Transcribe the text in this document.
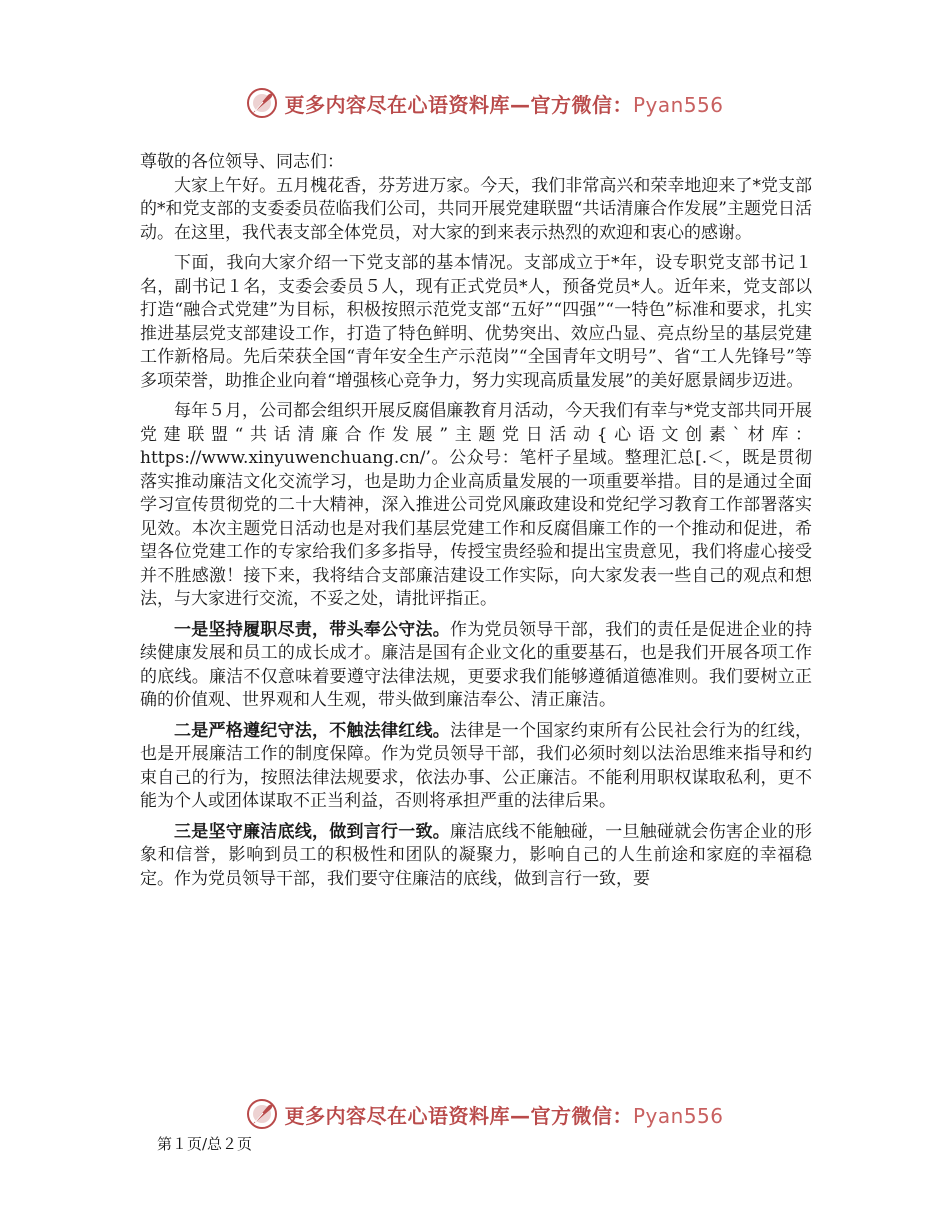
更多内容尽在心语资料库—官方微信：Pyan556

尊敬的各位领导、同志们：

大家上午好。五月槐花香，芬芳进万家。今天，我们非常高兴和荣幸地迎来了*党支部的*和党支部的支委委员莅临我们公司，共同开展党建联盟“共话清廉合作发展”主题党日活动。在这里，我代表支部全体党员，对大家的到来表示热烈的欢迎和衷心的感谢。

下面，我向大家介绍一下党支部的基本情况。支部成立于*年，设专职党支部书记１名，副书记１名，支委会委员５人，现有正式党员*人，预备党员*人。近年来，党支部以打造“融合式党建”为目标，积极按照示范党支部“五好”“四强”“一特色”标准和要求，扎实推进基层党支部建设工作，打造了特色鲜明、优势突出、效应凸显、亮点纷呈的基层党建工作新格局。先后荣获全国“青年安全生产示范岗”“全国青年文明号”、省“工人先锋号”等多项荣誉，助推企业向着“增强核心竞争力，努力实现高质量发展”的美好愿景阔步迈进。

每年５月，公司都会组织开展反腐倡廉教育月活动，今天我们有幸与*党支部共同开展党建联盟“共话清廉合作发展”主题党日活动{心语文创素`材库：https://www.xinyuwenchuang.cn/’。公众号：笔杆子星域。整理汇总[.＜，既是贯彻落实推动廉洁文化交流学习，也是助力企业高质量发展的一项重要举措。目的是通过全面学习宣传贯彻党的二十大精神，深入推进公司党风廉政建设和党纪学习教育工作部署落实见效。本次主题党日活动也是对我们基层党建工作和反腐倡廉工作的一个推动和促进，希望各位党建工作的专家给我们多多指导，传授宝贵经验和提出宝贵意见，我们将虚心接受并不胜感激！接下来，我将结合支部廉洁建设工作实际，向大家发表一些自己的观点和想法，与大家进行交流，不妥之处，请批评指正。

一是坚持履职尽责，带头奉公守法。作为党员领导干部，我们的责任是促进企业的持续健康发展和员工的成长成才。廉洁是国有企业文化的重要基石，也是我们开展各项工作的底线。廉洁不仅意味着要遵守法律法规，更要求我们能够遵循道德准则。我们要树立正确的价值观、世界观和人生观，带头做到廉洁奉公、清正廉洁。

二是严格遵纪守法，不触法律红线。法律是一个国家约束所有公民社会行为的红线，也是开展廉洁工作的制度保障。作为党员领导干部，我们必须时刻以法治思维来指导和约束自己的行为，按照法律法规要求，依法办事、公正廉洁。不能利用职权谋取私利，更不能为个人或团体谋取不正当利益，否则将承担严重的法律后果。

三是坚守廉洁底线，做到言行一致。廉洁底线不能触碰，一旦触碰就会伤害企业的形象和信誉，影响到员工的积极性和团队的凝聚力，影响自己的人生前途和家庭的幸福稳定。作为党员领导干部，我们要守住廉洁的底线，做到言行一致，要

更多内容尽在心语资料库—官方微信：Pyan556
第１页/总２页
